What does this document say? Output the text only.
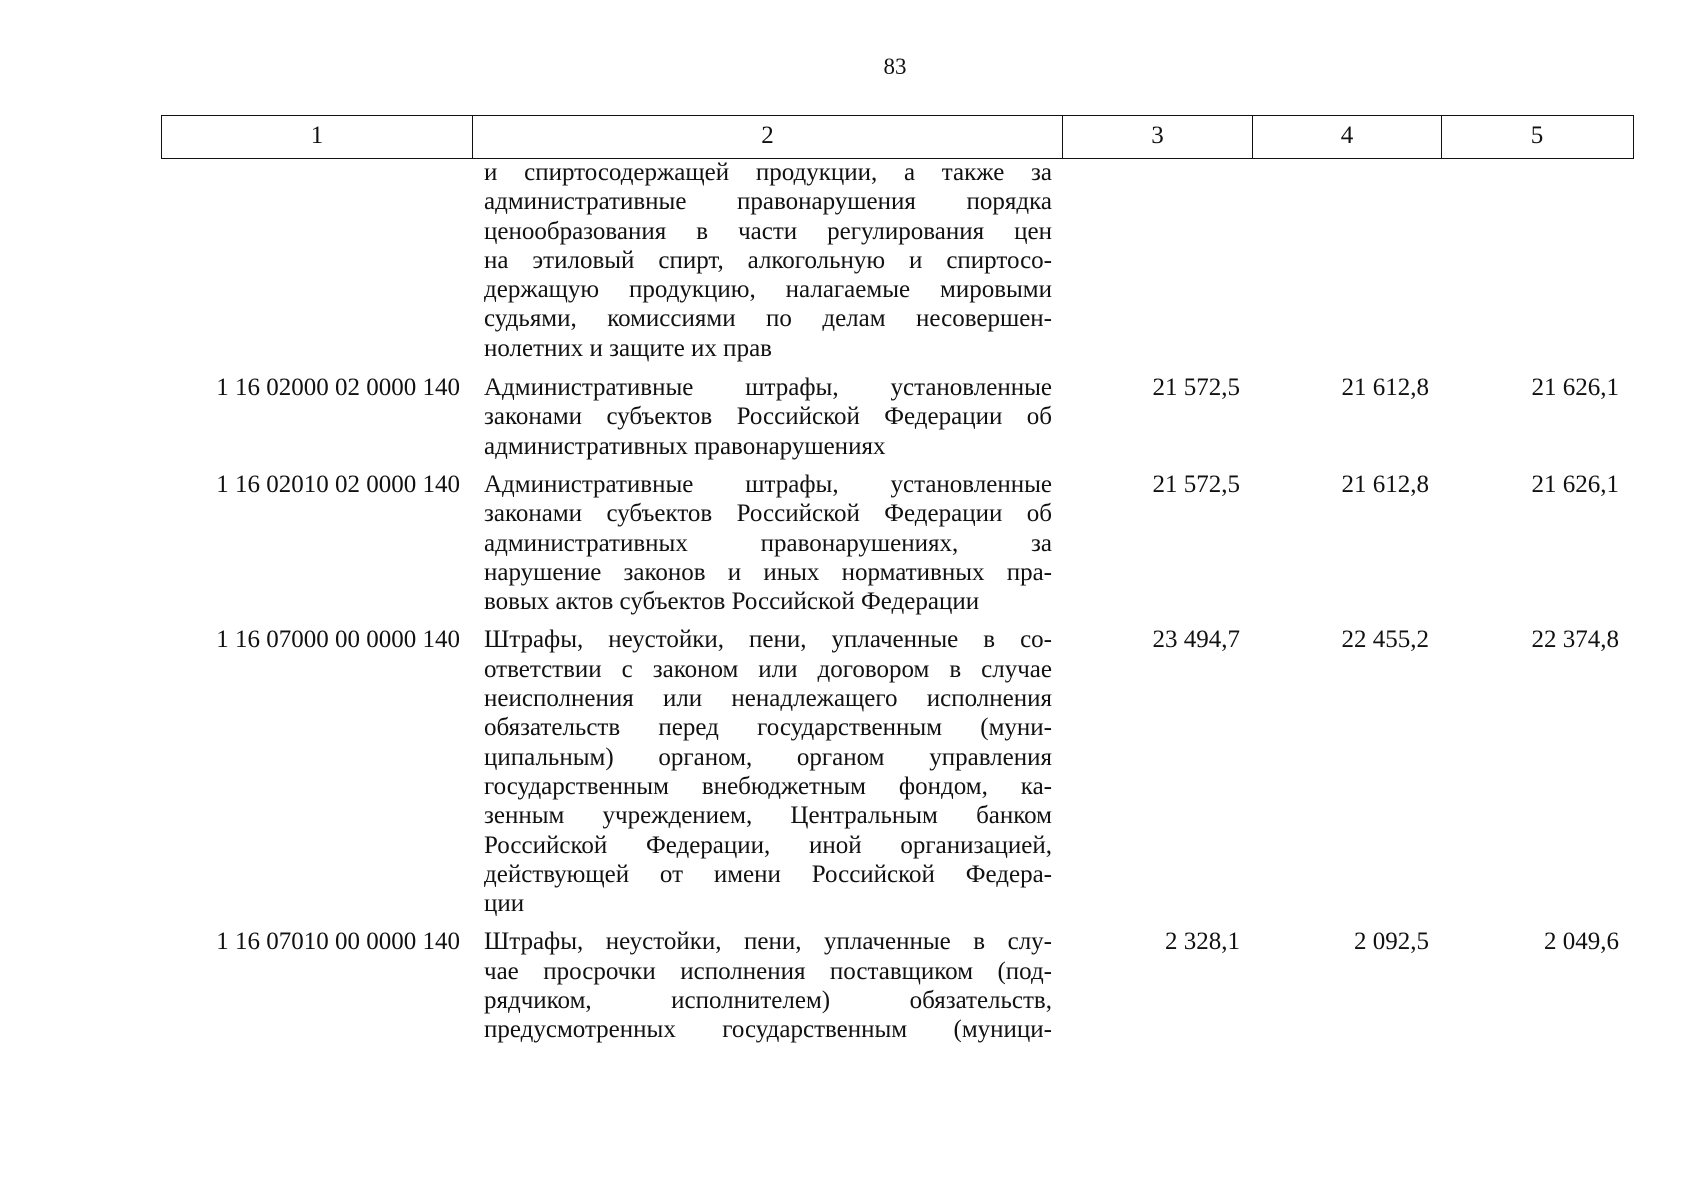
83
1	2	3	4	5
и спиртосодержащей продукции, а также за
административные правонарушения порядка
ценообразования в части регулирования цен
на этиловый спирт, алкогольную и спиртосо-
держащую продукцию, налагаемые мировыми
судьями, комиссиями по делам несовершен-
нолетних и защите их прав
1 16 02000 02 0000 140 Административные штрафы, установленные
законами субъектов Российской Федерации об
административных правонарушениях
21 572,5	21 612,8	21 626,1
1 16 02010 02 0000 140 Административные штрафы, установленные
законами субъектов Российской Федерации об
административных правонарушениях, за
нарушение законов и иных нормативных пра-
вовых актов субъектов Российской Федерации
21 572,5	21 612,8	21 626,1
1 16 07000 00 0000 140 Штрафы, неустойки, пени, уплаченные в со-
ответствии с законом или договором в случае
неисполнения или ненадлежащего исполнения
обязательств перед государственным (муни-
ципальным) органом, органом управления
государственным внебюджетным фондом, ка-
зенным учреждением, Центральным банком
Российской Федерации, иной организацией,
действующей от имени Российской Федера-
ции
23 494,7	22 455,2	22 374,8
1 16 07010 00 0000 140 Штрафы, неустойки, пени, уплаченные в слу-
чае просрочки исполнения поставщиком (под-
рядчиком, исполнителем) обязательств,
предусмотренных государственным (муници-
2 328,1	2 092,5	2 049,6
